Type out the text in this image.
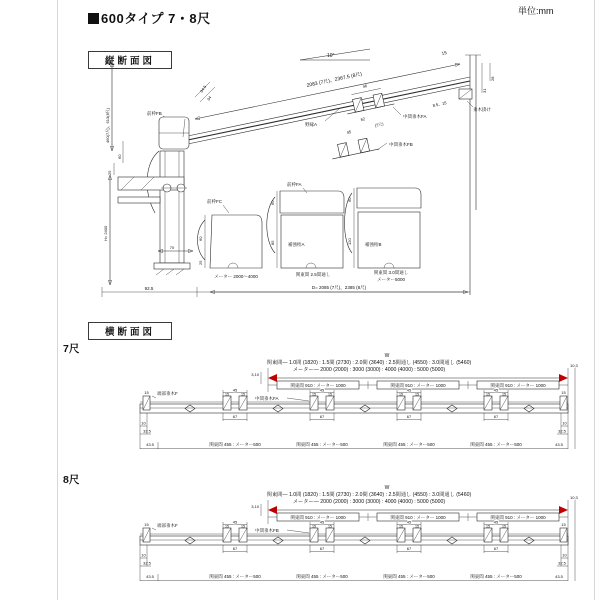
600タイプ 7・8尺	単位:mm
縦断面図
2083 (7尺)、2367.5 (8尺)
10°	15
垂木掛け
31
28
8.5、15
野縁A
46
62
(7尺)
中間垂木FA
45
中間垂木FB
34.5
34
前枠FB
460(7尺)、613(8尺)
60
25
H= 2400
70
前枠FC
60
25
メーター 2000〜4000
前枠FA
60
85	補強桁A
関東間 2.5間通し
60
120	補強桁B
関東間 3.0間通し
メーター5000
92.5	D= 2085 (7尺)、2385 (8尺)
横断面図
7尺
8尺
関東間― 1.0間 (1820) : 1.5間 (2730) : 2.0間 (3640) : 2.5間通し (4550) : 3.0間通し (5460)
メーター― 2000 (2000) : 3000 (3000) : 4000 (4000) : 5000 (5000)
W
3,10
10,3
関東間 910 : メーター 1000	関東間 910 : メーター 1000	関東間 910 : メーター 1000
15 端部垂木F	15
中間垂木FA
45
15	15
67
関東間 455 : メーター500
45
15	15
67
関東間 455 : メーター500
45
15	15
67
関東間 455 : メーター500
45
15	15
67
関東間 455 : メーター500
10
32.5
43.5
10
32.5
43.5
関東間― 1.0間 (1820) : 1.5間 (2730) : 2.0間 (3640) : 2.5間通し (4550) : 3.0間通し (5460)
メーター― 2000 (2000) : 3000 (3000) : 4000 (4000) : 5000 (5000)
W
3,10
10,3
関東間 910 : メーター 1000	関東間 910 : メーター 1000	関東間 910 : メーター 1000
15 端部垂木F	15
中間垂木FB
45
15	15
67
関東間 455 : メーター500
45
15	15
67
関東間 455 : メーター500
45
15	15
67
関東間 455 : メーター500
45
15	15
67
関東間 455 : メーター500
10
32.5
43.5
10
32.5
43.5
